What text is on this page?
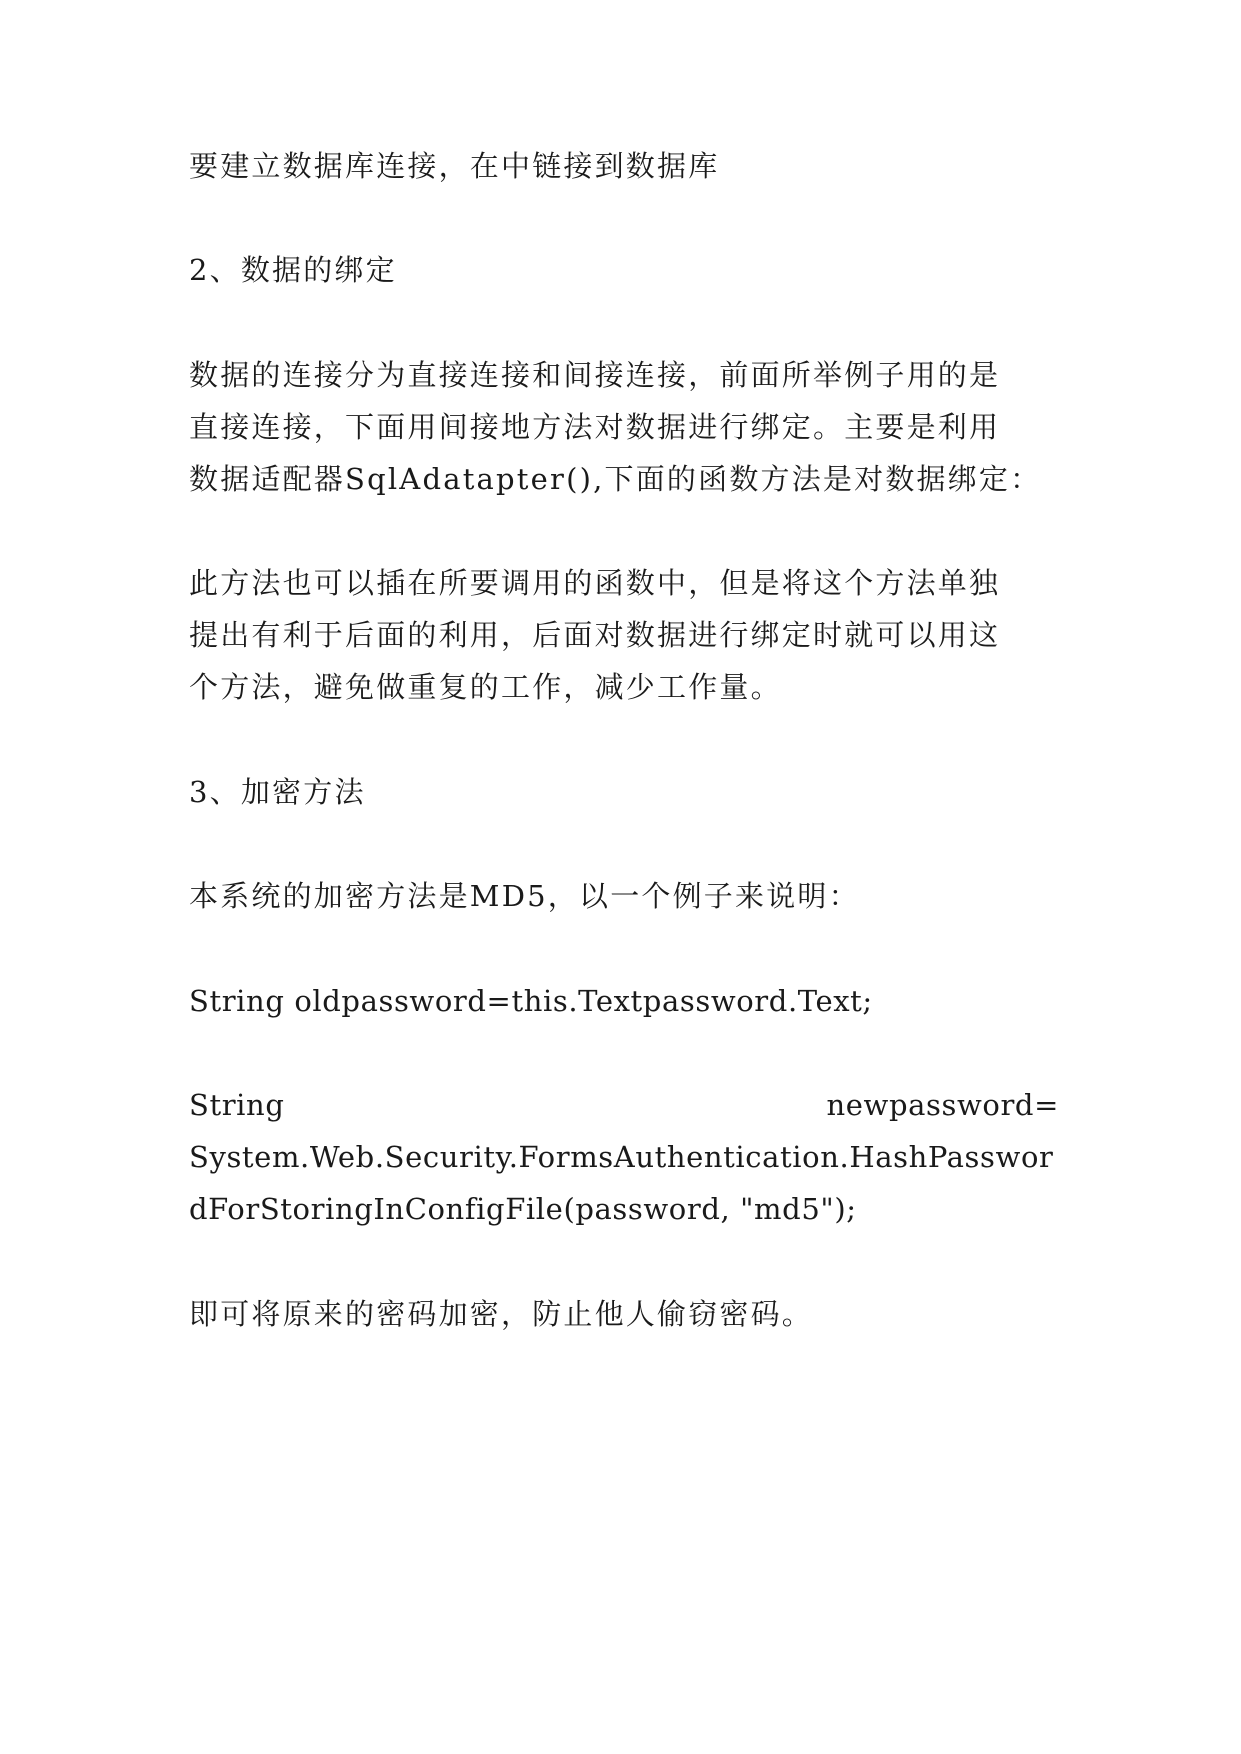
要建立数据库连接，在中链接到数据库
2、数据的绑定
数据的连接分为直接连接和间接连接，前面所举例子用的是
直接连接，下面用间接地方法对数据进行绑定。主要是利用
数据适配器SqlAdatapter(),下面的函数方法是对数据绑定：
此方法也可以插在所要调用的函数中，但是将这个方法单独
提出有利于后面的利用，后面对数据进行绑定时就可以用这
个方法，避免做重复的工作，减少工作量。
3、加密方法
本系统的加密方法是MD5，以一个例子来说明：
String oldpassword=this.Textpassword.Text;
String	newpassword=
System.Web.Security.FormsAuthentication.HashPasswor
dForStoringInConfigFile(password, "md5");
即可将原来的密码加密，防止他人偷窃密码。
